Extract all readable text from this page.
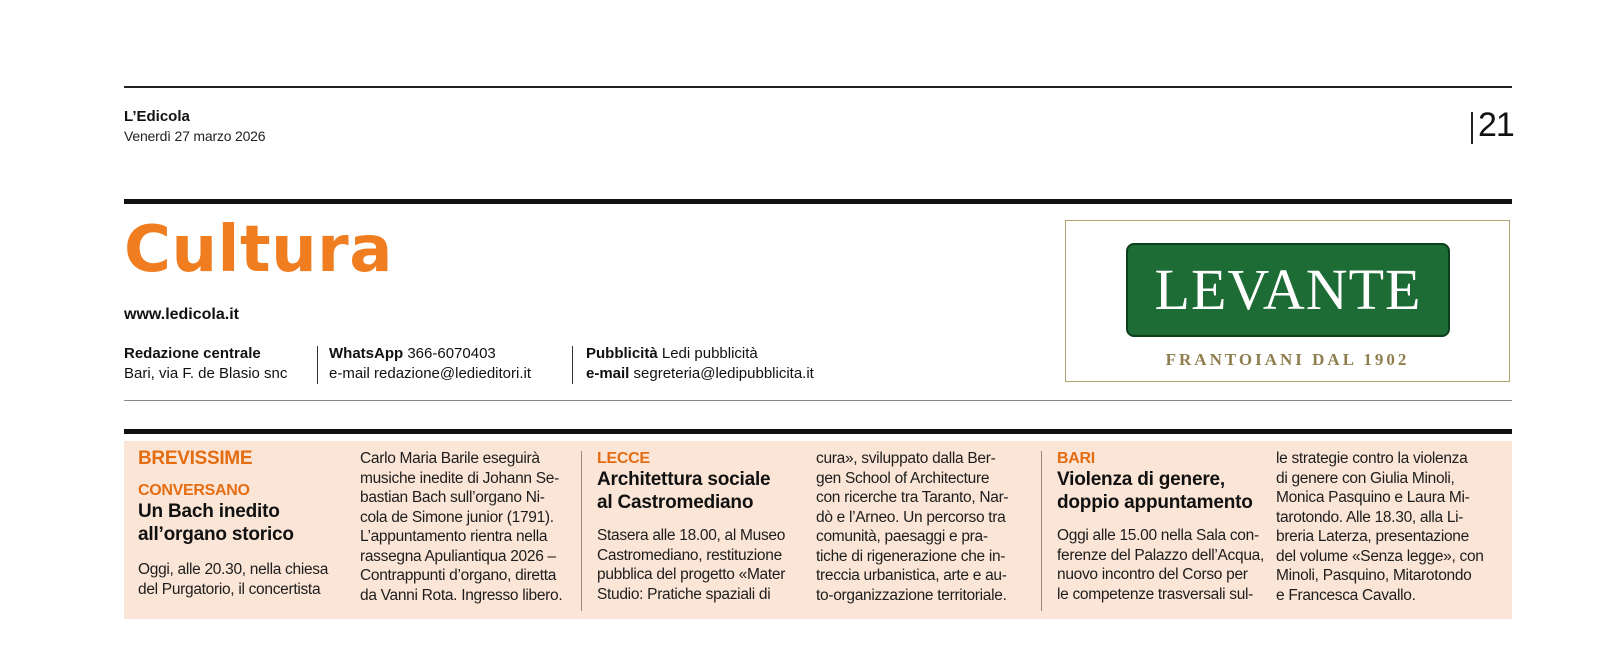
L’Edicola
Venerdì 27 marzo 2026	21
Cultura
www.ledicola.it
Redazione centrale
Bari, via F. de Blasio snc
WhatsApp 366-6070403
e-mail redazione@ledieditori.it
Pubblicità Ledi pubblicità
e-mail segreteria@ledipubblicita.it
LEVANTE
FRANTOIANI DAL 1902
BREVISSIME
CONVERSANO
Un Bach inedito
all’organo storico
Oggi, alle 20.30, nella chiesa
del Purgatorio, il concertista
Carlo Maria Barile eseguirà
musiche inedite di Johann Se-
bastian Bach sull’organo Ni-
cola de Simone junior (1791).
L’appuntamento rientra nella
rassegna Apuliantiqua 2026 –
Contrappunti d’organo, diretta
da Vanni Rota. Ingresso libero.
LECCE
Architettura sociale
al Castromediano
Stasera alle 18.00, al Museo
Castromediano, restituzione
pubblica del progetto «Mater
Studio: Pratiche spaziali di
cura», sviluppato dalla Ber-
gen School of Architecture
con ricerche tra Taranto, Nar-
dò e l’Arneo. Un percorso tra
comunità, paesaggi e pra-
tiche di rigenerazione che in-
treccia urbanistica, arte e au-
to-organizzazione territoriale.
BARI
Violenza di genere,
doppio appuntamento
Oggi alle 15.00 nella Sala con-
ferenze del Palazzo dell’Acqua,
nuovo incontro del Corso per
le competenze trasversali sul-
le strategie contro la violenza
di genere con Giulia Minoli,
Monica Pasquino e Laura Mi-
tarotondo. Alle 18.30, alla Li-
breria Laterza, presentazione
del volume «Senza legge», con
Minoli, Pasquino, Mitarotondo
e Francesca Cavallo.
